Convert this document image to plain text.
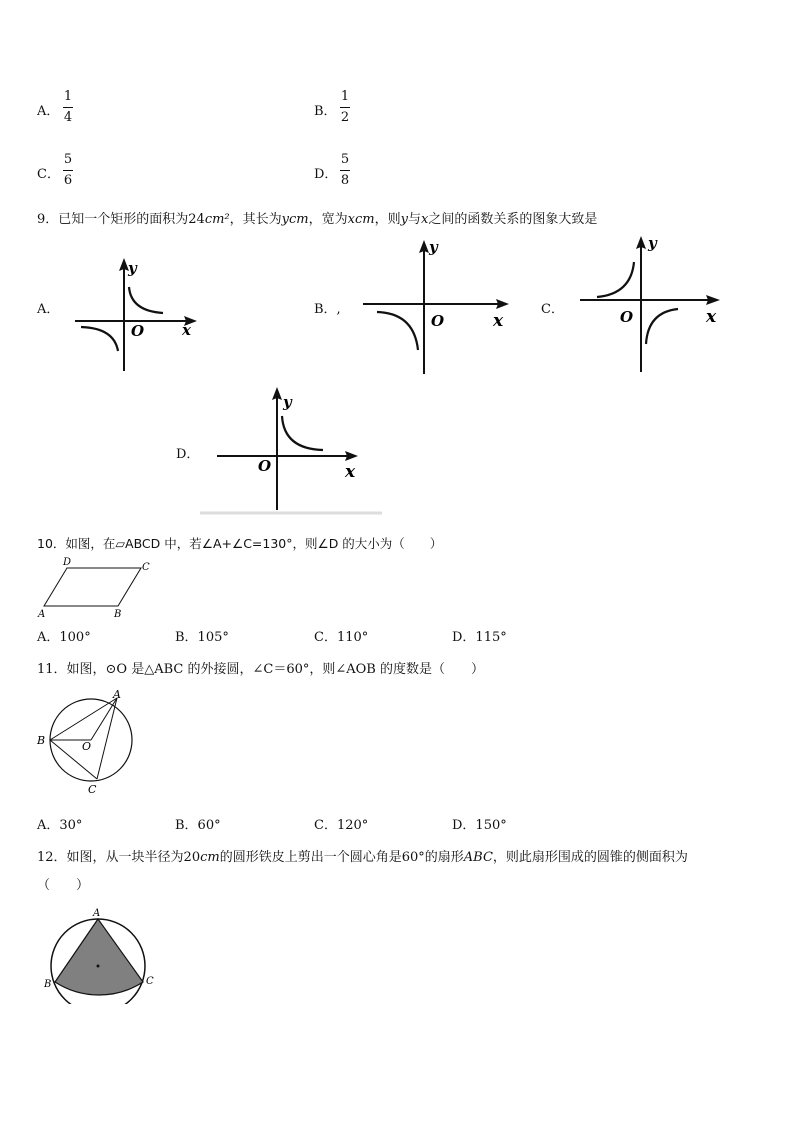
A．
1
4	B．
1
2
C．
5
6	D．
5
8
9．已知一个矩形的面积为24cm²，其长为ycm，宽为xcm，则y与x之间的函数关系的图象大致是
A．	B．,	C．
D．
y
O	x
y
O	x
y
O	x
y
O	x
10．如图，在▱ABCD 中，若∠A+∠C=130°，则∠D 的大小为（　　）
A	B
C
D
A．100°	B．105°	C．110°	D．115°
11．如图，⊙O 是△ABC 的外接圆，∠C＝60°，则∠AOB 的度数是（　　）
A
B
C
O
A．30°	B．60°	C．120°	D．150°
12．如图，从一块半径为20cm的圆形铁皮上剪出一个圆心角是60°的扇形ABC，则此扇形围成的圆锥的侧面积为
（　　）
A
B	C
